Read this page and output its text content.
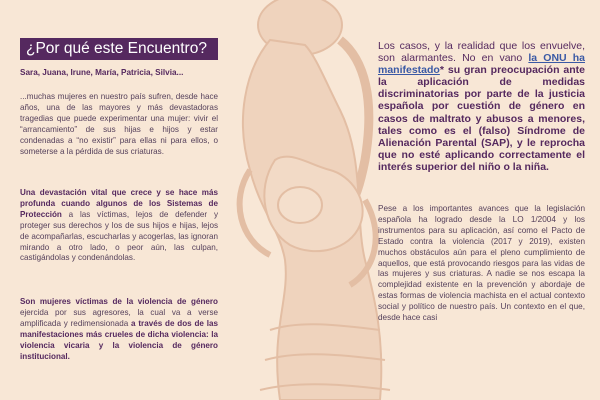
¿Por qué este Encuentro?
Sara, Juana, Irune, María, Patricia, Silvia...
...muchas mujeres en nuestro país sufren, desde hace años, una de las mayores y más devastadoras tragedias que puede experimentar una mujer: vivir el “arrancamiento” de sus hijas e hijos y estar condenadas a “no existir” para ellas ni para ellos, o someterse a la pérdida de sus criaturas.
Una devastación vital que crece y se hace más profunda cuando algunos de los Sistemas de Protección a las víctimas, lejos de defender y proteger sus derechos y los de sus hijos e hijas, lejos de acompañarlas, escucharlas y acogerlas, las ignoran mirando a otro lado, o peor aún, las culpan, castigándolas y condenándolas.
Son mujeres víctimas de la violencia de género ejercida por sus agresores, la cual va a verse amplificada y redimensionada a través de dos de las manifestaciones más crueles de dicha violencia: la violencia vicaria y la violencia de género institucional.
Los casos, y la realidad que los envuelve, son alarmantes. No en vano la ONU ha manifestado* su gran preocupación ante la aplicación de medidas discriminatorias por parte de la justicia española por cuestión de género en casos de maltrato y abusos a menores, tales como es el (falso) Síndrome de Alienación Parental (SAP), y le reprocha que no esté aplicando correctamente el interés superior del niño o la niña.
Pese a los importantes avances que la legislación española ha logrado desde la LO 1/2004 y los instrumentos para su aplicación, así como el Pacto de Estado contra la violencia (2017 y 2019), existen muchos obstáculos aún para el pleno cumplimiento de aquellos, que está provocando riesgos para las vidas de las mujeres y sus criaturas. A nadie se nos escapa la complejidad existente en la prevención y abordaje de estas formas de violencia machista en el actual contexto social y político de nuestro país. Un contexto en el que, desde hace casi
